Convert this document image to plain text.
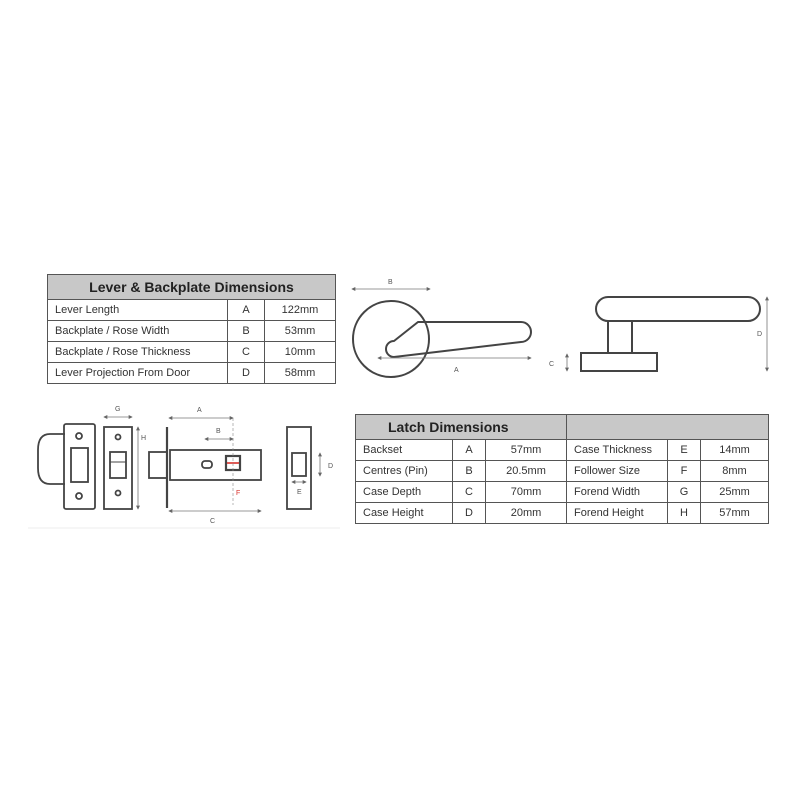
Lever & Backplate Dimensions		
Lever Length	A	122mm
Backplate / Rose Width	B	53mm
Backplate / Rose Thickness	C	10mm
Lever Projection From Door	D	58mm
Latch Dimensions					
Backset	A	57mm	Case Thickness	E	14mm
Centres (Pin)	B	20.5mm	Follower Size	F	8mm
Case Depth	C	70mm	Forend Width	G	25mm
Case Height	D	20mm	Forend Height	H	57mm
B
A
D
C
G
H
A
B
F
C
D
E
